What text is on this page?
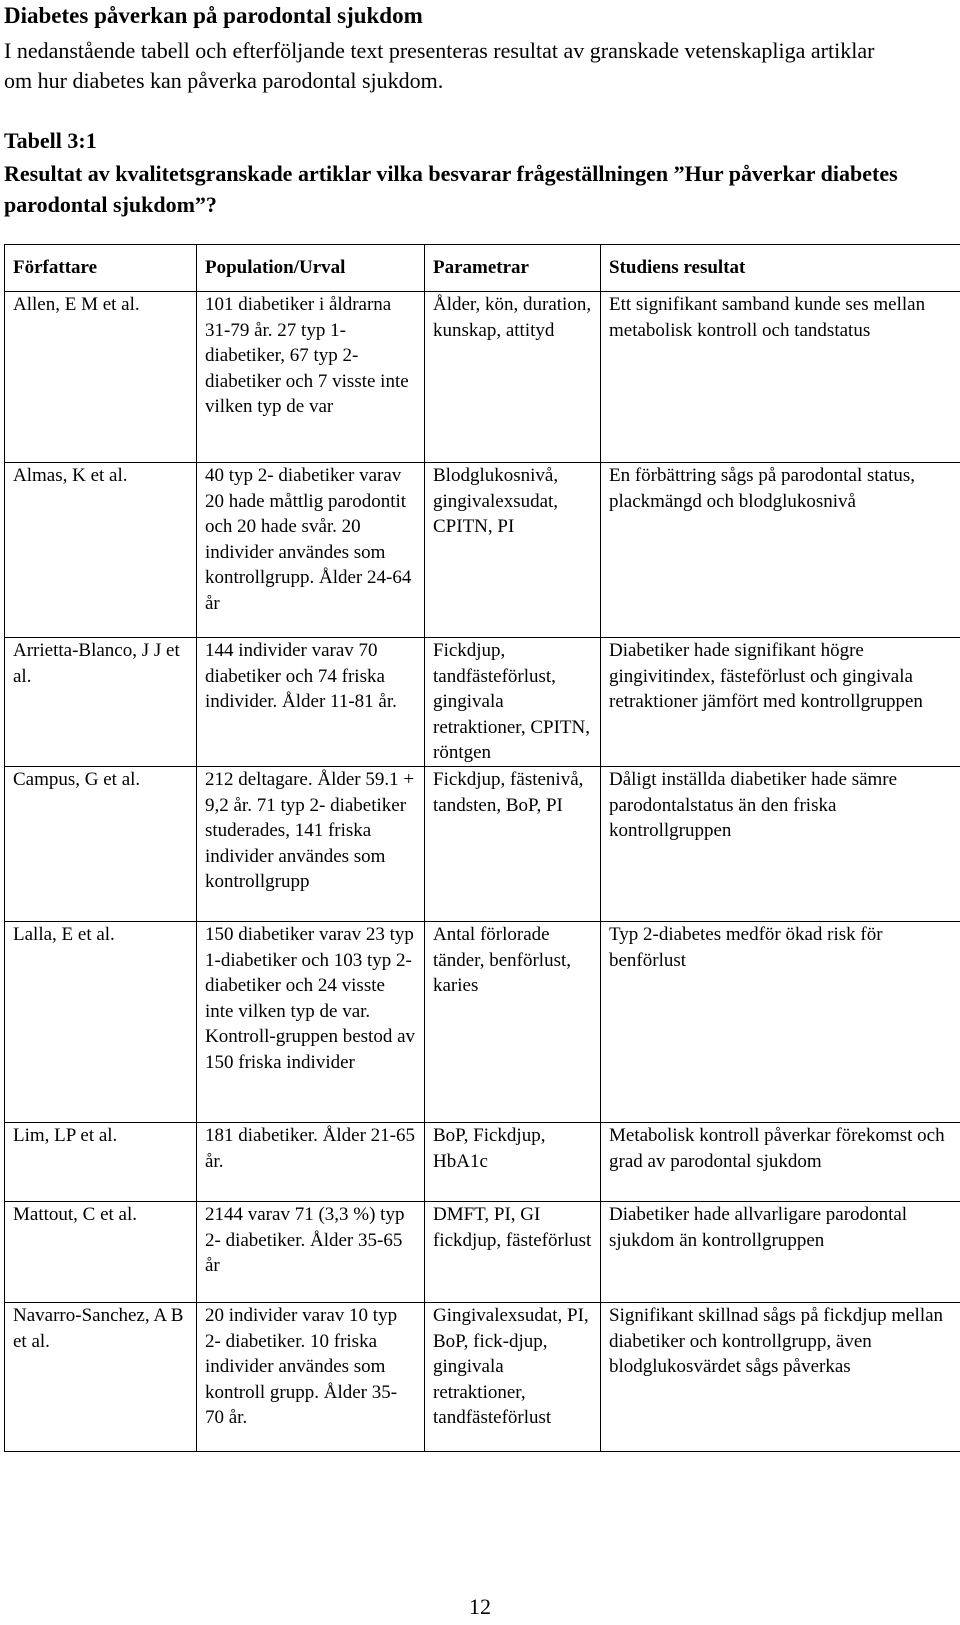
Diabetes påverkan på parodontal sjukdom
I nedanstående tabell och efterföljande text presenteras resultat av granskade vetenskapliga artiklar om hur diabetes kan påverka parodontal sjukdom.
Tabell 3:1
Resultat av kvalitetsgranskade artiklar vilka besvarar frågeställningen ”Hur påverkar diabetes parodontal sjukdom”?
Författare	Population/Urval	Parametrar	Studiens resultat
Allen, E M et al.	101 diabetiker i åldrarna 31-79 år. 27 typ 1-diabetiker, 67 typ 2-diabetiker och 7 visste inte vilken typ de var	Ålder, kön, duration, kunskap, attityd	Ett signifikant samband kunde ses mellan metabolisk kontroll och tandstatus
Almas, K et al.	40 typ 2- diabetiker varav 20 hade måttlig parodontit och 20 hade svår. 20 individer användes som kontrollgrupp. Ålder 24-64 år	Blodglukosnivå, gingivalexsudat, CPITN, PI	En förbättring sågs på parodontal status, plackmängd och blodglukosnivå
Arrietta-Blanco, J J et al.	144 individer varav 70 diabetiker och 74 friska individer. Ålder 11-81 år.	Fickdjup, tandfästeförlust, gingivala retraktioner, CPITN, röntgen	Diabetiker hade signifikant högre gingivitindex, fästeförlust och gingivala retraktioner jämfört med kontrollgruppen
Campus, G et al.	212 deltagare. Ålder 59.1 + 9,2 år. 71 typ 2- diabetiker studerades, 141 friska individer användes som kontrollgrupp	Fickdjup, fästenivå, tandsten, BoP, PI	Dåligt inställda diabetiker hade sämre parodontalstatus än den friska kontrollgruppen
Lalla, E et al.	150 diabetiker varav 23 typ 1-diabetiker och 103 typ 2-diabetiker och 24 visste inte vilken typ de var. Kontroll-gruppen bestod av 150 friska individer	Antal förlorade tänder, benförlust, karies	Typ 2-diabetes medför ökad risk för benförlust
Lim, LP et al.	181 diabetiker. Ålder 21-65 år.	BoP, Fickdjup, HbA1c	Metabolisk kontroll påverkar förekomst och grad av parodontal sjukdom
Mattout, C et al.	2144 varav 71 (3,3 %) typ 2- diabetiker. Ålder 35-65 år	DMFT, PI, GI fickdjup, fästeförlust	Diabetiker hade allvarligare parodontal sjukdom än kontrollgruppen
Navarro-Sanchez, A B et al.	20 individer varav 10 typ 2- diabetiker. 10 friska individer användes som kontroll grupp. Ålder 35-70 år.	Gingivalexsudat, PI, BoP, fick-djup, gingivala retraktioner, tandfästeförlust	Signifikant skillnad sågs på fickdjup mellan diabetiker och kontrollgrupp, även blodglukosvärdet sågs påverkas
12
